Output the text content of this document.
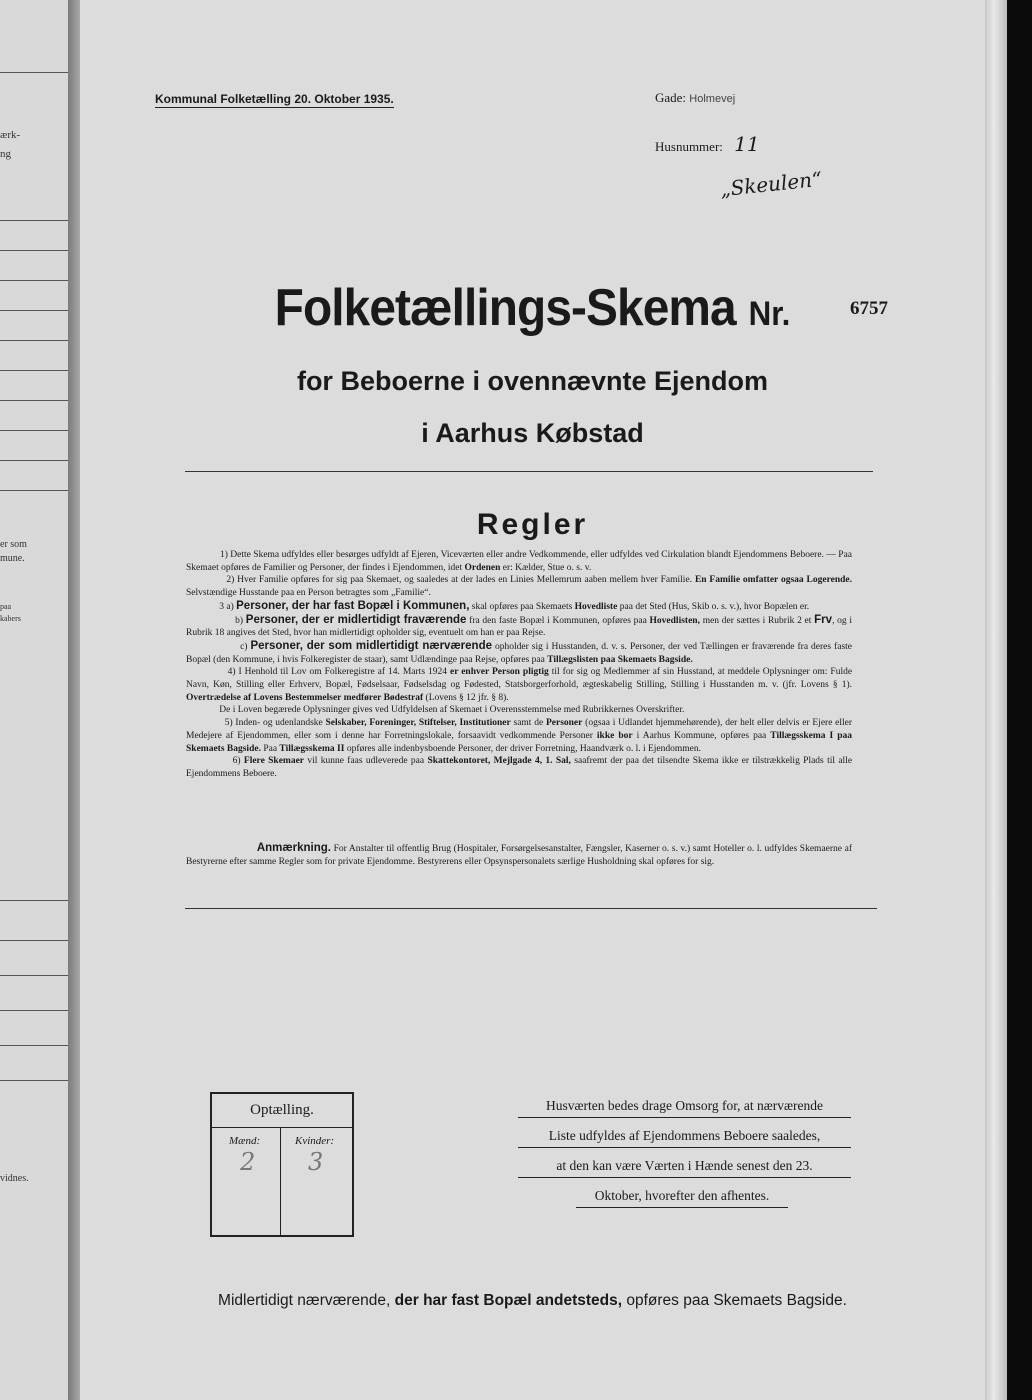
ærk-
ng
er som
mune.
paa
kabers
vidnes.
Kommunal Folketælling 20. Oktober 1935.	Gade: Holmevej
Husnummer: 11
„Skeulen“
Folketællings-Skema Nr.	6757
for Beboerne i ovennævnte Ejendom
i Aarhus Købstad
Regler

1) Dette Skema udfyldes eller besørges udfyldt af Ejeren, Viceværten eller andre Vedkommende, eller udfyldes ved Cirkulation blandt Ejendommens Beboere. — Paa Skemaet opføres de Familier og Personer, der findes i Ejendommen, idet Ordenen er: Kælder, Stue o. s. v.

2) Hver Familie opføres for sig paa Skemaet, og saaledes at der lades en Linies Mellemrum aaben mellem hver Familie. En Familie omfatter ogsaa Logerende. Selvstændige Husstande paa en Person betragtes som „Familie“.

3 a) Personer, der har fast Bopæl i Kommunen, skal opføres paa Skemaets Hovedliste paa det Sted (Hus, Skib o. s. v.), hvor Bopælen er.

b) Personer, der er midlertidigt fraværende fra den faste Bopæl i Kommunen, opføres paa Hovedlisten, men der sættes i Rubrik 2 et Frv, og i Rubrik 18 angives det Sted, hvor han midlertidigt opholder sig, eventuelt om han er paa Rejse.

c) Personer, der som midlertidigt nærværende opholder sig i Husstanden, d. v. s. Personer, der ved Tællingen er fraværende fra deres faste Bopæl (den Kommune, i hvis Folkeregister de staar), samt Udlændinge paa Rejse, opføres paa Tillægslisten paa Skemaets Bagside.

4) I Henhold til Lov om Folkeregistre af 14. Marts 1924 er enhver Person pligtig til for sig og Medlemmer af sin Husstand, at meddele Oplysninger om: Fulde Navn, Køn, Stilling eller Erhverv, Bopæl, Fødselsaar, Fødselsdag og Fødested, Statsborgerforhold, ægteskabelig Stilling, Stilling i Husstanden m. v. (jfr. Lovens § 1). Overtrædelse af Lovens Bestemmelser medfører Bødestraf (Lovens § 12 jfr. § 8).

De i Loven begærede Oplysninger gives ved Udfyldelsen af Skemaet i Overensstemmelse med Rubrikkernes Overskrifter.

5) Inden- og udenlandske Selskaber, Foreninger, Stiftelser, Institutioner samt de Personer (ogsaa i Udlandet hjemmehørende), der helt eller delvis er Ejere eller Medejere af Ejendommen, eller som i denne har Forretningslokale, forsaavidt vedkommende Personer ikke bor i Aarhus Kommune, opføres paa Tillægsskema I paa Skemaets Bagside. Paa Tillægsskema II opføres alle indenbysboende Personer, der driver Forretning, Haandværk o. l. i Ejendommen.

6) Flere Skemaer vil kunne faas udleverede paa Skattekontoret, Mejlgade 4, 1. Sal, saafremt der paa det tilsendte Skema ikke er tilstrækkelig Plads til alle Ejendommens Beboere.

Anmærkning. For Anstalter til offentlig Brug (Hospitaler, Forsørgelsesanstalter, Fængsler, Kaserner o. s. v.) samt Hoteller o. l. udfyldes Skemaerne af Bestyrerne efter samme Regler som for private Ejendomme. Bestyrerens eller Opsynspersonalets særlige Husholdning skal opføres for sig.
Optælling.
Mænd:	Kvinder:
2 3
Husværten bedes drage Omsorg for, at nærværende
Liste udfyldes af Ejendommens Beboere saaledes,
at den kan være Værten i Hænde senest den 23.
Oktober, hvorefter den afhentes.
Midlertidigt nærværende, der har fast Bopæl andetsteds, opføres paa Skemaets Bagside.
